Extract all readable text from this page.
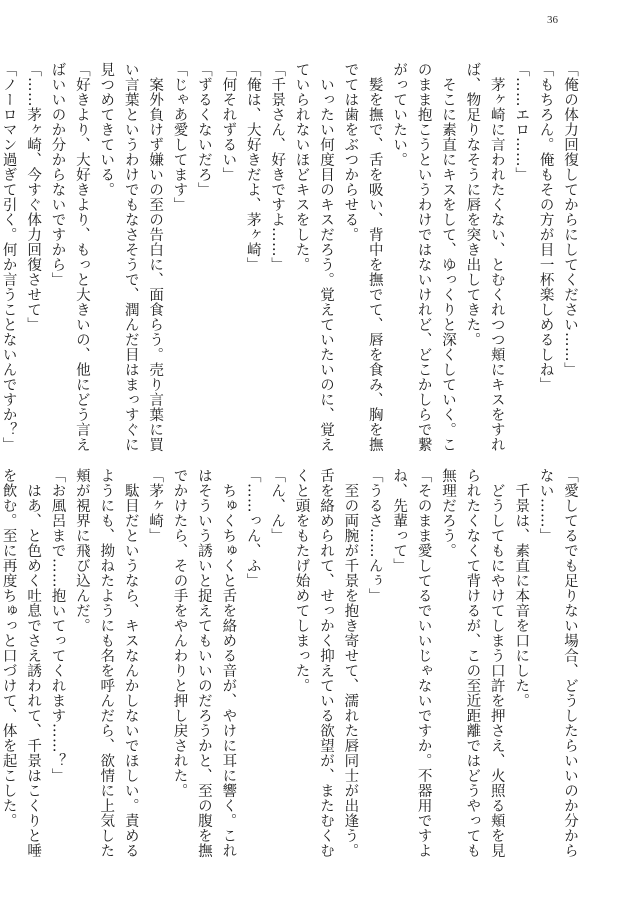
36
「俺の体力回復してからにしてください……」
「もちろん。俺もその方が目一杯楽しめるしね」
「……エロ……」
　茅ヶ崎に言われたくない、とむくれつつ頬にキスをすれ
ば、物足りなそうに唇を突き出してきた。
　そこに素直にキスをして、ゆっくりと深くしていく。こ
のまま抱こうというわけではないけれど、どこかしらで繋
がっていたい。
　髪を撫で、舌を吸い、背中を撫でて、唇を食み、胸を撫
でては歯をぶつからせる。
　いったい何度目のキスだろう。覚えていたいのに、覚え
ていられないほどキスをした。
「千景さん、好きですよ……」
「俺は、大好きだよ、茅ヶ崎」
「何それずるい」
「ずるくないだろ」
「じゃあ愛してます」
　案外負けず嫌いの至の告白に、面食らう。売り言葉に買
い言葉というわけでもなさそうで、潤んだ目はまっすぐに
見つめてきている。
「好きより、大好きより、もっと大きいの、他にどう言え
ばいいのか分からないですから」
「……茅ヶ崎、今すぐ体力回復させて」
「ノーロマン過ぎて引く。何か言うことないんですか？」
「愛してるでも足りない場合、どうしたらいいのか分から
ない……」
　千景は、素直に本音を口にした。
　どうしてもにやけてしまう口許を押さえ、火照る頬を見
られたくなくて背けるが、この至近距離ではどうやっても
無理だろう。
「そのまま愛してるでいいじゃないですか。不器用ですよ
ね、先輩って」
「うるさ……んぅ」
　至の両腕が千景を抱き寄せて、濡れた唇同士が出逢う。
舌を絡められて、せっかく抑えている欲望が、またむくむ
くと頭をもたげ始めてしまった。
「ん、ん」
「……っん、ふ」
　ちゅくちゅくと舌を絡める音が、やけに耳に響く。これ
はそういう誘いと捉えてもいいのだろうかと、至の腹を撫
でかけたら、その手をやんわりと押し戻された。
「茅ヶ崎」
　駄目だというなら、キスなんかしないでほしい。責める
ようにも、拗ねたようにも名を呼んだら、欲情に上気した
頬が視界に飛び込んだ。
「お風呂まで……抱いてってくれます……？」
　はあ、と色めく吐息でさえ誘われて、千景はこくりと唾
を飲む。至に再度ちゅっと口づけて、体を起こした。
